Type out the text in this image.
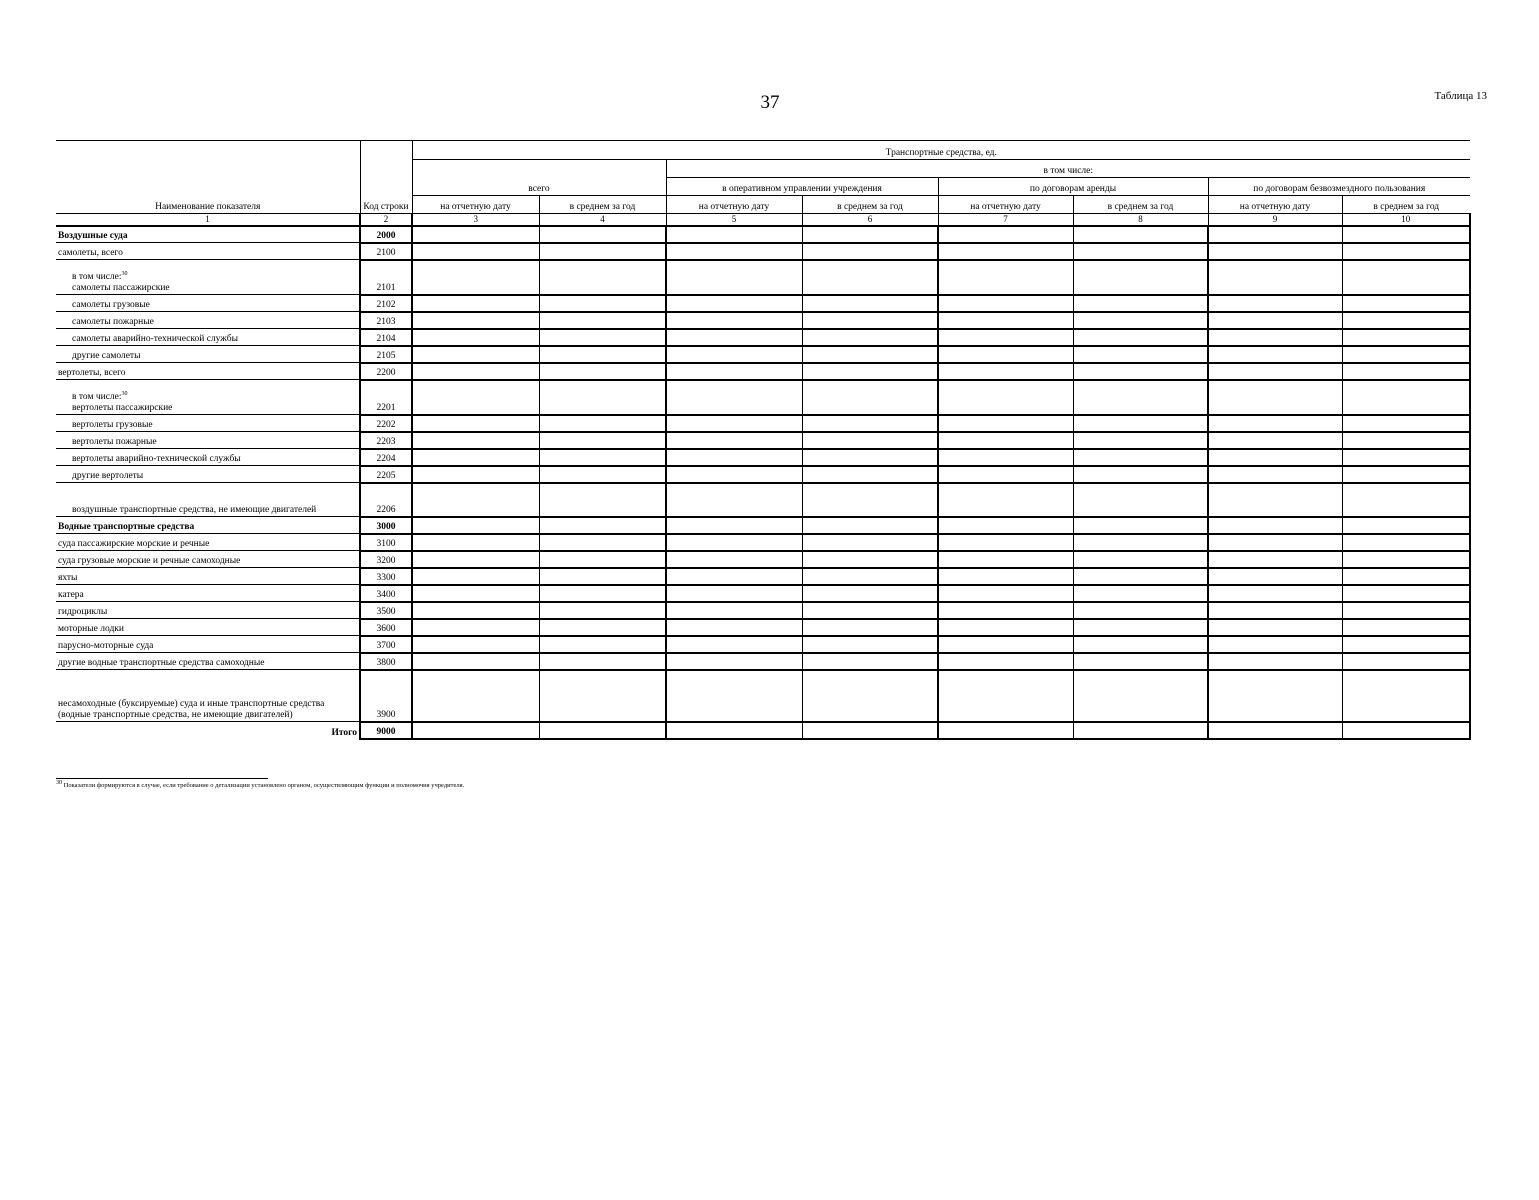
37	Таблица 13
Наименование показателя	Код строки	Транспортные средства, ед.							
		всего		в том числе:					
				в оперативном управлении учреждения		по договорам аренды		по договорам безвозмездного пользования	
		на отчетную дату	в среднем за год	на отчетную дату	в среднем за год	на отчетную дату	в среднем за год	на отчетную дату	в среднем за год
1	2	3	4	5	6	7	8	9	10

Воздушные суда	2000								

самолеты, всего	2100								

в том числе:$^{30}$
самолеты пассажирские	2101								

самолеты грузовые	2102								

самолеты пожарные	2103								

самолеты аварийно-технической службы	2104								

другие самолеты	2105								

вертолеты, всего	2200								

в том числе:$^{30}$
вертолеты пассажирские	2201								

вертолеты грузовые	2202								

вертолеты пожарные	2203								

вертолеты аварийно-технической службы	2204								

другие вертолеты	2205								

воздушные транспортные средства, не имеющие двигателей	2206								

Водные транспортные средства	3000								

суда пассажирские морские и речные	3100								

суда грузовые морские и речные самоходные	3200								

яхты	3300								

катера	3400								

гидроциклы	3500								

моторные лодки	3600								

парусно-моторные суда	3700								

другие водные транспортные средства самоходные	3800								

несамоходные (буксируемые) суда и иные транспортные средства (водные транспортные средства, не имеющие двигателей)	3900								

Итого	9000								
$^{30}$ Показатели формируются в случае, если требование о детализации установлено органом, осуществляющим функции и полномочия учредителя.
